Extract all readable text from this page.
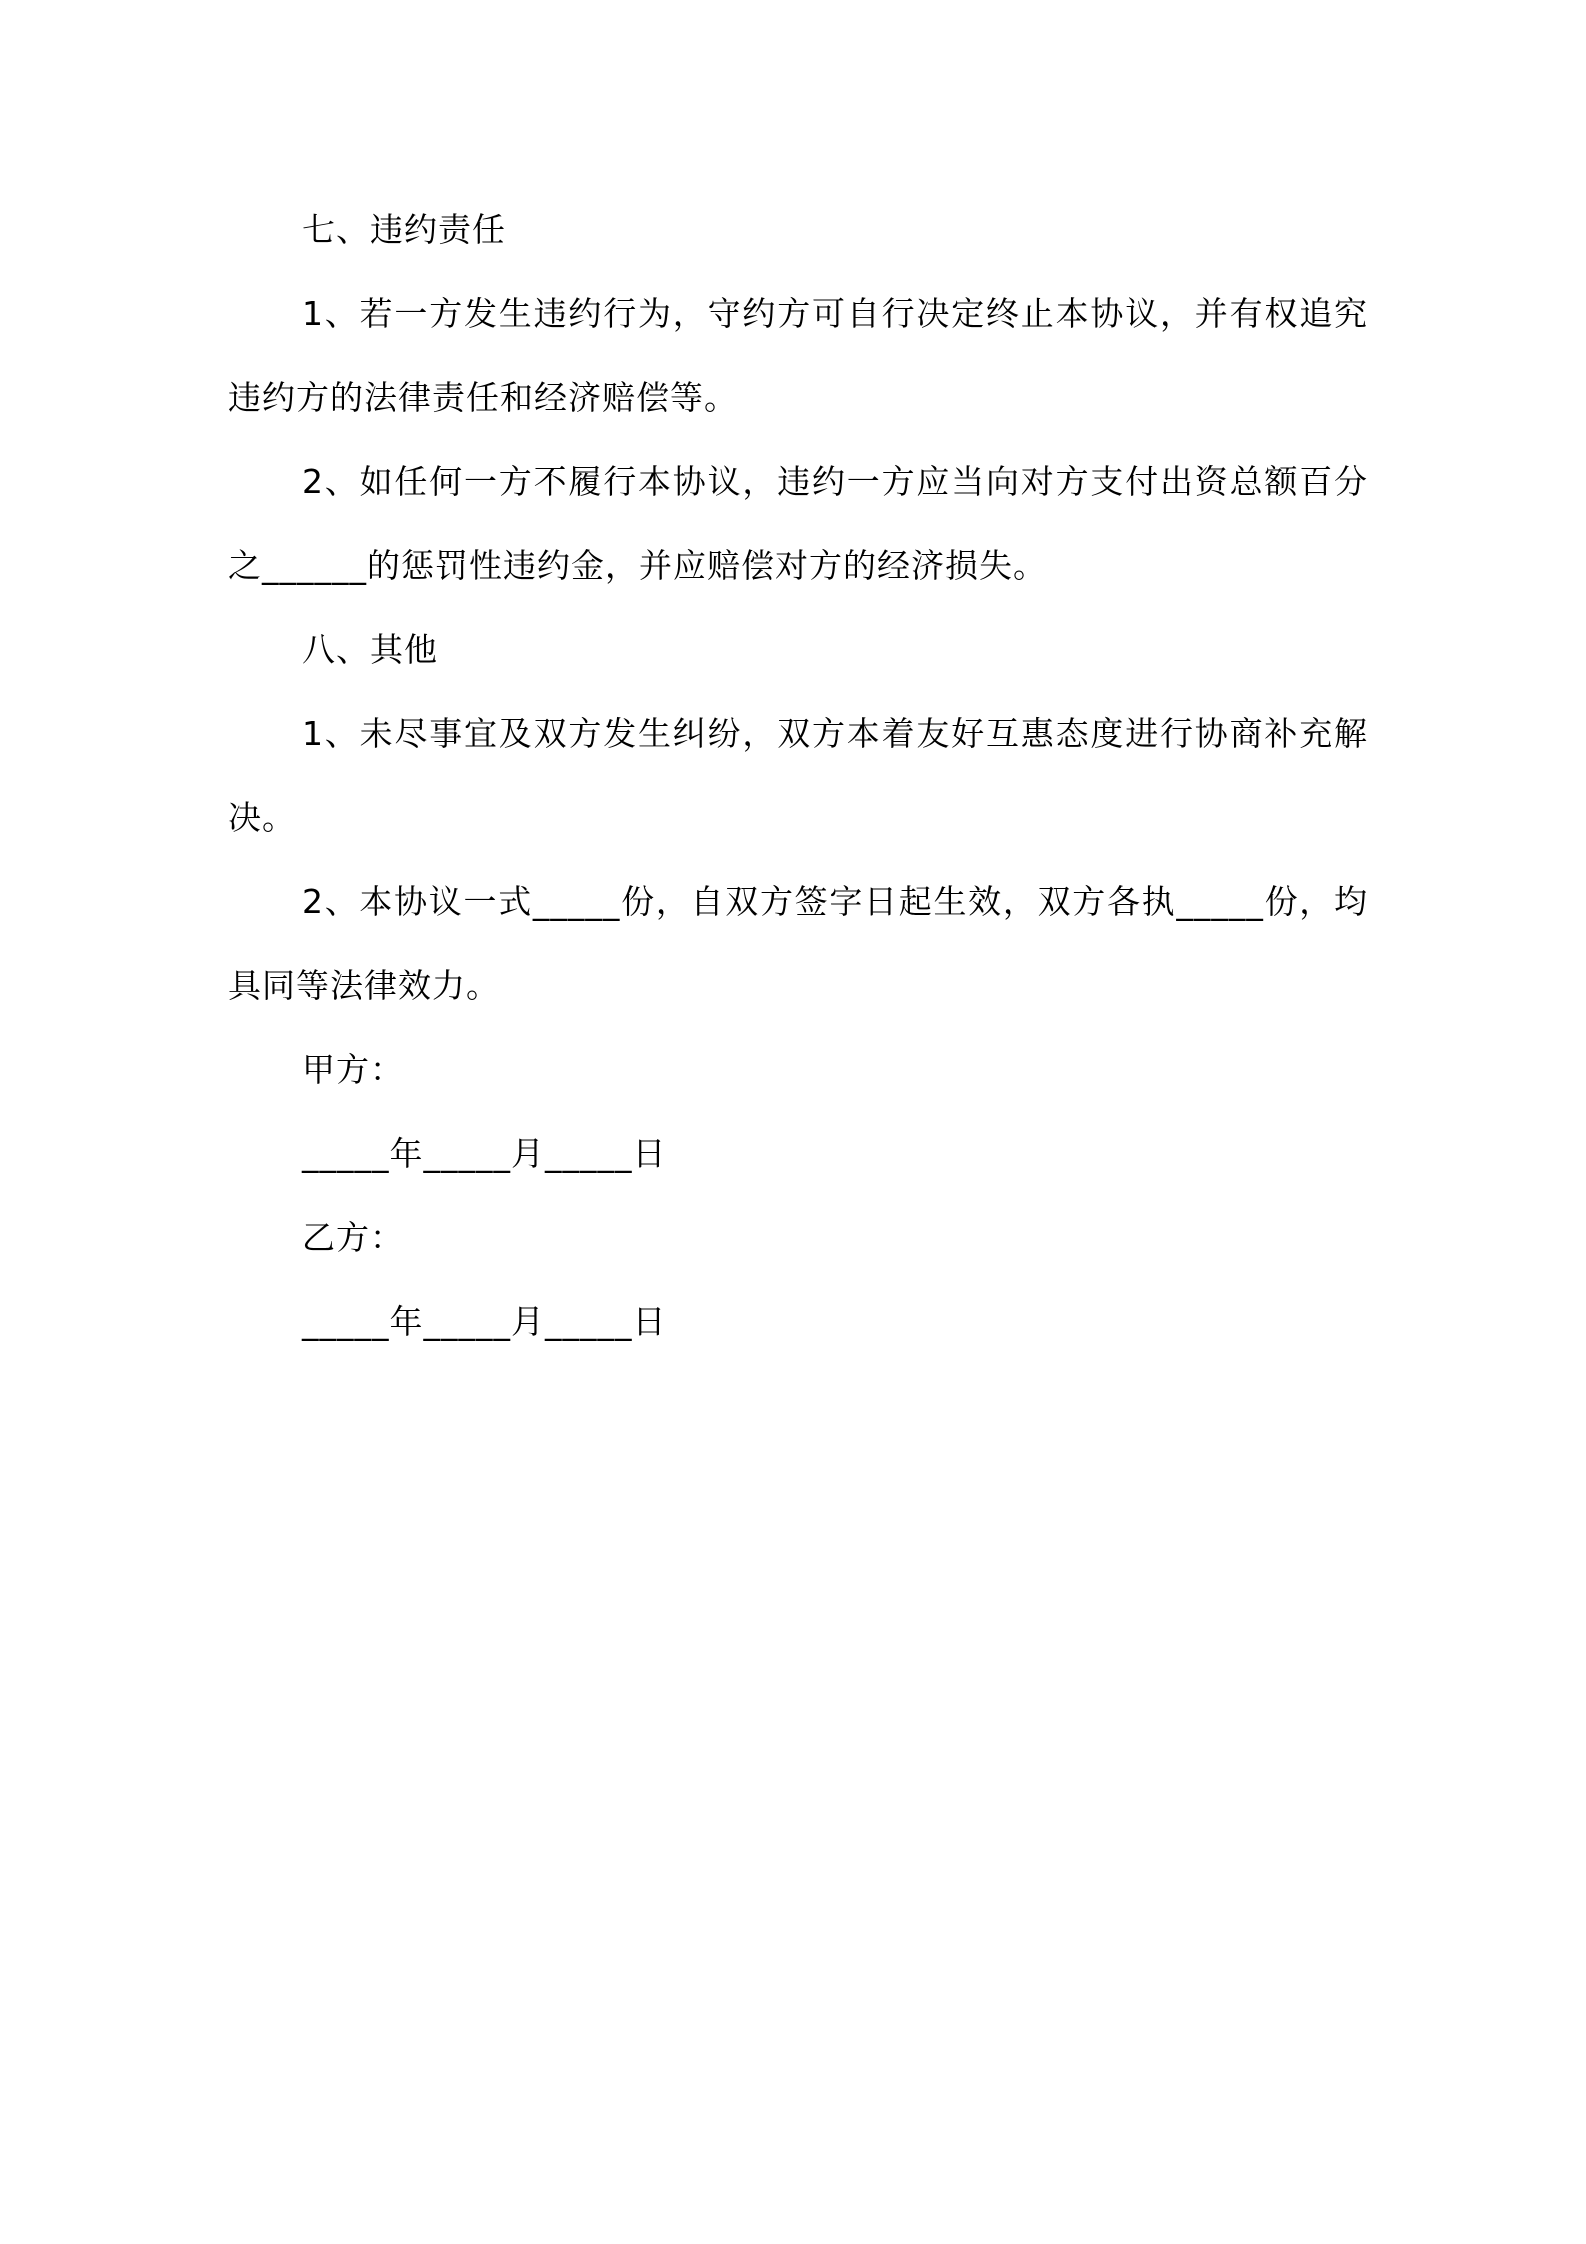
七、违约责任

1、若一方发生违约行为，守约方可自行决定终止本协议，并有权追究违约方的法律责任和经济赔偿等。

2、如任何一方不履行本协议，违约一方应当向对方支付出资总额百分之______的惩罚性违约金，并应赔偿对方的经济损失。

八、其他

1、未尽事宜及双方发生纠纷，双方本着友好互惠态度进行协商补充解决。

2、本协议一式_____份，自双方签字日起生效，双方各执_____份，均具同等法律效力。

甲方：
_____年_____月_____日
乙方：
_____年_____月_____日
